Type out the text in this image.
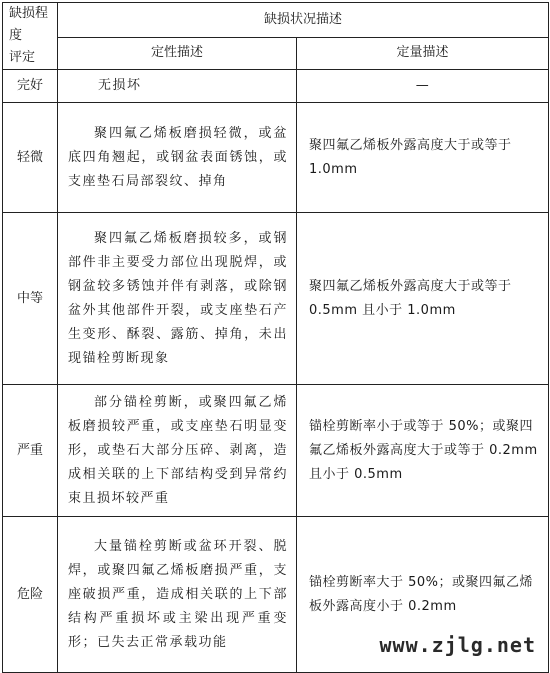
缺损程度
评定	缺损状况描述	
	定性描述	定量描述
完好	无损坏	—
轻微	聚四氟乙烯板磨损轻微，或盆底四角翘起，或钢盆表面锈蚀，或支座垫石局部裂纹、掉角	聚四氟乙烯板外露高度大于或等于 1.0mm
中等	聚四氟乙烯板磨损较多，或钢部件非主要受力部位出现脱焊，或钢盆较多锈蚀并伴有剥落，或除钢盆外其他部件开裂，或支座垫石产生变形、酥裂、露筋、掉角，未出现锚栓剪断现象	聚四氟乙烯板外露高度大于或等于 0.5mm 且小于 1.0mm
严重	部分锚栓剪断，或聚四氟乙烯板磨损较严重，或支座垫石明显变形，或垫石大部分压碎、剥离，造成相关联的上下部结构受到异常约束且损坏较严重	锚栓剪断率小于或等于 50%；或聚四氟乙烯板外露高度大于或等于 0.2mm 且小于 0.5mm
危险	大量锚栓剪断或盆环开裂、脱焊，或聚四氟乙烯板磨损严重，支座破损严重，造成相关联的上下部结构严重损坏或主梁出现严重变形；已失去正常承载功能	锚栓剪断率大于 50%；或聚四氟乙烯板外露高度小于 0.2mm
www.zjlg.net
